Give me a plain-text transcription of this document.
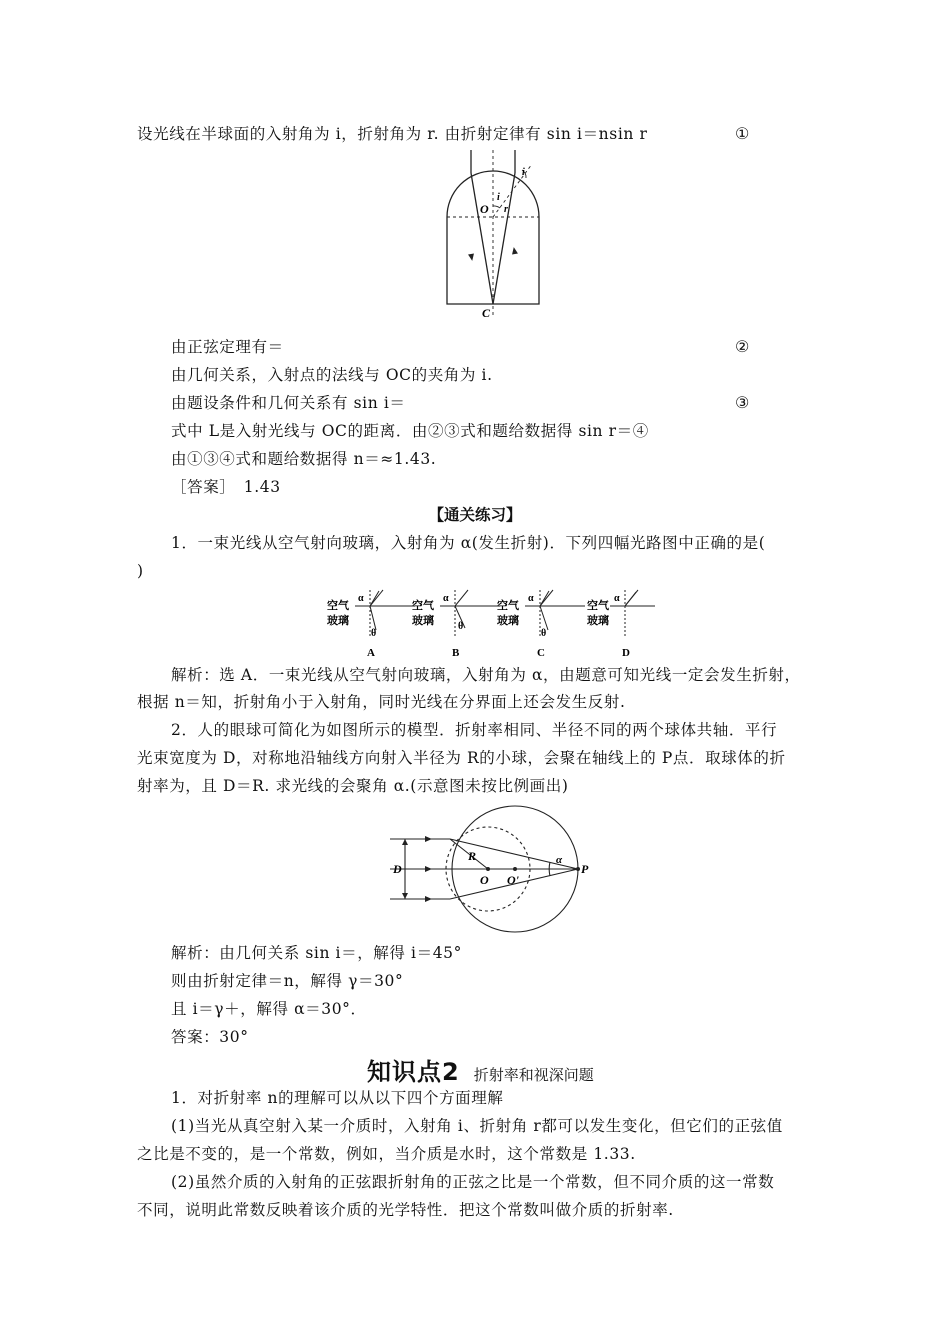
设光线在半球面的入射角为 i，折射角为 r. 由折射定律有 sin i＝nsin r	①
O
i
r
i
C
由正弦定理有＝	②
由几何关系，入射点的法线与 OC的夹角为 i.
由题设条件和几何关系有 sin i＝	③
式中 L是入射光线与 OC的距离．由②③式和题给数据得 sin r＝④
由①③④式和题给数据得 n＝≈1.43.
［答案］　1.43
【通关练习】
1．一束光线从空气射向玻璃，入射角为 α(发生折射)．下列四幅光路图中正确的是(
)
空气
玻璃
α
θ
A
空气
玻璃
α
θ
B
空气
玻璃
α
θ
C
空气
玻璃
α
D
解析：选 A．一束光线从空气射向玻璃，入射角为 α，由题意可知光线一定会发生折射，
根据 n＝知，折射角小于入射角，同时光线在分界面上还会发生反射.
2．人的眼球可简化为如图所示的模型．折射率相同、半径不同的两个球体共轴．平行
光束宽度为 D，对称地沿轴线方向射入半径为 R的小球，会聚在轴线上的 P点．取球体的折
射率为，且 D＝R. 求光线的会聚角 α.(示意图未按比例画出)
D
R
O O'
α
P
解析：由几何关系 sin i＝，解得 i＝45°
则由折射定律＝n，解得 γ＝30°
且 i＝γ＋，解得 α＝30°．
答案：30°
知识点2 折射率和视深问题
1．对折射率 n的理解可以从以下四个方面理解
(1)当光从真空射入某一介质时，入射角 i、折射角 r都可以发生变化，但它们的正弦值
之比是不变的，是一个常数，例如，当介质是水时，这个常数是 1.33.
(2)虽然介质的入射角的正弦跟折射角的正弦之比是一个常数，但不同介质的这一常数
不同，说明此常数反映着该介质的光学特性．把这个常数叫做介质的折射率.
